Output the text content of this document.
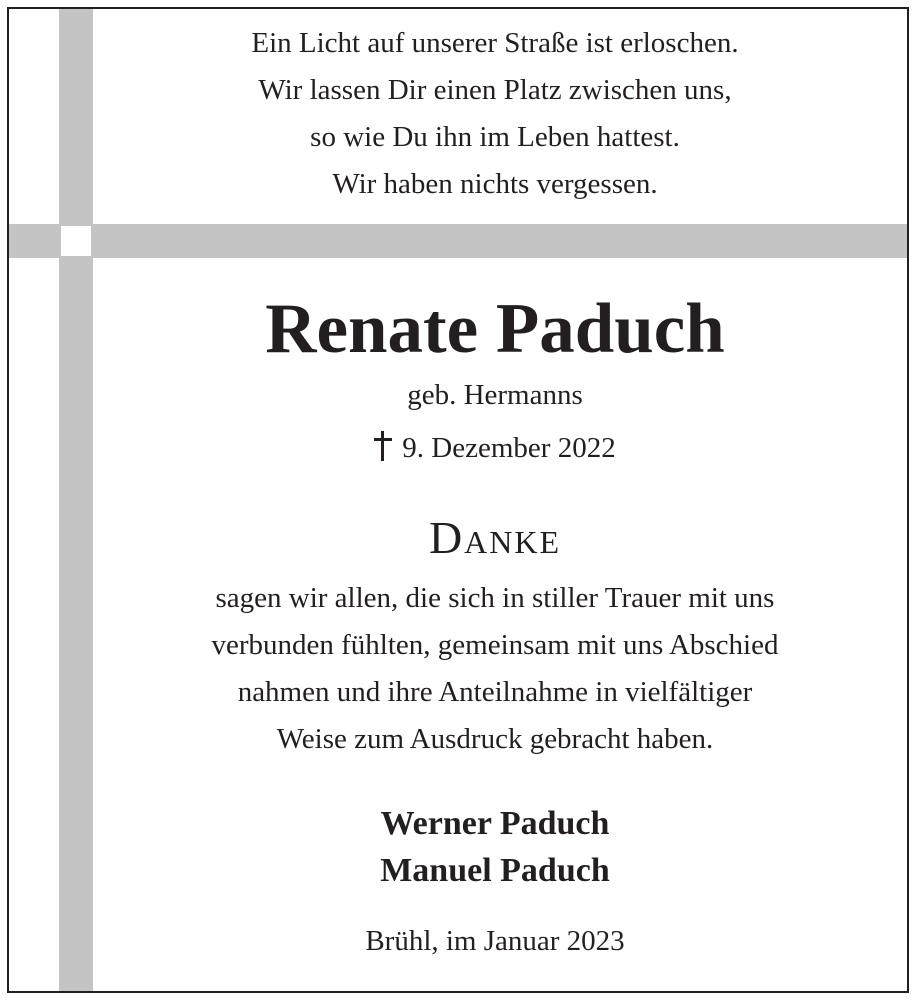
Ein Licht auf unserer Straße ist erloschen.
Wir lassen Dir einen Platz zwischen uns,
so wie Du ihn im Leben hattest.
Wir haben nichts vergessen.
Renate Paduch
geb. Hermanns
9. Dezember 2022
Danke
sagen wir allen, die sich in stiller Trauer mit uns
verbunden fühlten, gemeinsam mit uns Abschied
nahmen und ihre Anteilnahme in vielfältiger
Weise zum Ausdruck gebracht haben.
Werner Paduch
Manuel Paduch
Brühl, im Januar 2023
